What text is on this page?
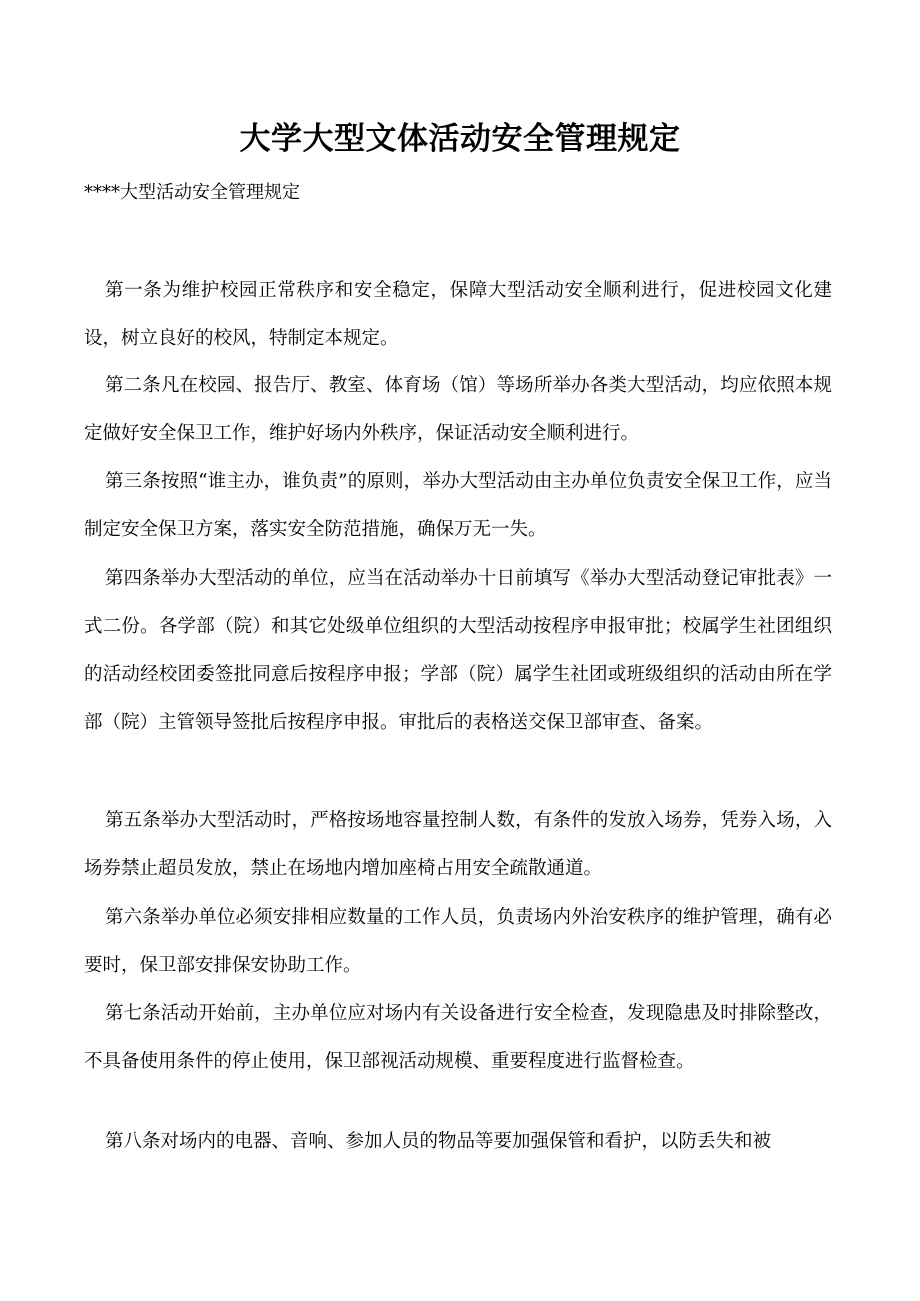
大学大型文体活动安全管理规定

****大型活动安全管理规定

第一条为维护校园正常秩序和安全稳定，保障大型活动安全顺利进行，促进校园文化建设，树立良好的校风，特制定本规定。

第二条凡在校园、报告厅、教室、体育场（馆）等场所举办各类大型活动，均应依照本规定做好安全保卫工作，维护好场内外秩序，保证活动安全顺利进行。

第三条按照“谁主办，谁负责”的原则，举办大型活动由主办单位负责安全保卫工作，应当制定安全保卫方案，落实安全防范措施，确保万无一失。

第四条举办大型活动的单位，应当在活动举办十日前填写《举办大型活动登记审批表》一式二份。各学部（院）和其它处级单位组织的大型活动按程序申报审批；校属学生社团组织的活动经校团委签批同意后按程序申报；学部（院）属学生社团或班级组织的活动由所在学部（院）主管领导签批后按程序申报。审批后的表格送交保卫部审查、备案。

第五条举办大型活动时，严格按场地容量控制人数，有条件的发放入场券，凭券入场，入场券禁止超员发放，禁止在场地内增加座椅占用安全疏散通道。

第六条举办单位必须安排相应数量的工作人员，负责场内外治安秩序的维护管理，确有必要时，保卫部安排保安协助工作。

第七条活动开始前，主办单位应对场内有关设备进行安全检查，发现隐患及时排除整改，不具备使用条件的停止使用，保卫部视活动规模、重要程度进行监督检查。

第八条对场内的电器、音响、参加人员的物品等要加强保管和看护，以防丢失和被
